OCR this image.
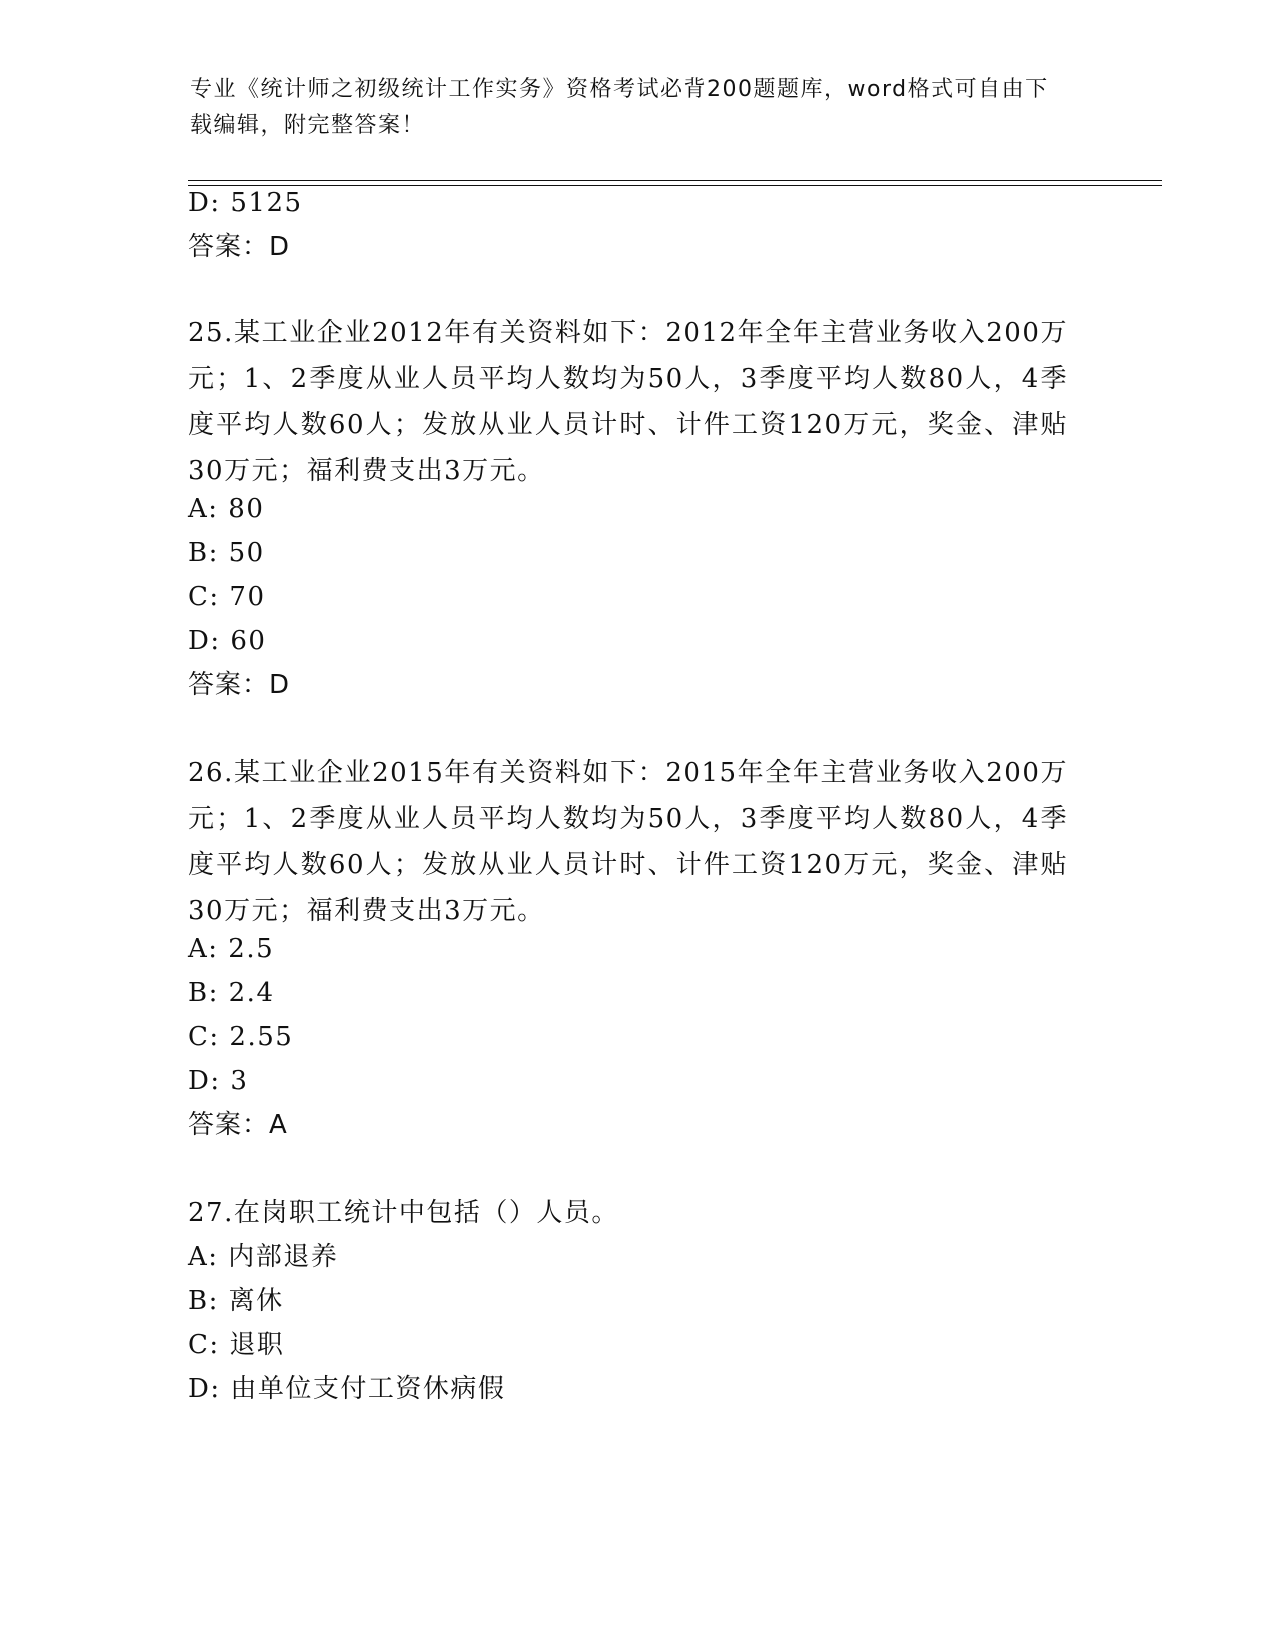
专业《统计师之初级统计工作实务》资格考试必背200题题库，word格式可自由下载编辑，附完整答案！
D: 5125
答案：D
25.某工业企业2012年有关资料如下：2012年全年主营业务收入200万元；1、2季度从业人员平均人数均为50人，3季度平均人数80人，4季度平均人数60人；发放从业人员计时、计件工资120万元，奖金、津贴30万元；福利费支出3万元。
A: 80
B: 50
C: 70
D: 60
答案：D
26.某工业企业2015年有关资料如下：2015年全年主营业务收入200万元；1、2季度从业人员平均人数均为50人，3季度平均人数80人，4季度平均人数60人；发放从业人员计时、计件工资120万元，奖金、津贴30万元；福利费支出3万元。
A: 2.5
B: 2.4
C: 2.55
D: 3
答案：A
27.在岗职工统计中包括（）人员。
A: 内部退养
B: 离休
C: 退职
D: 由单位支付工资休病假
